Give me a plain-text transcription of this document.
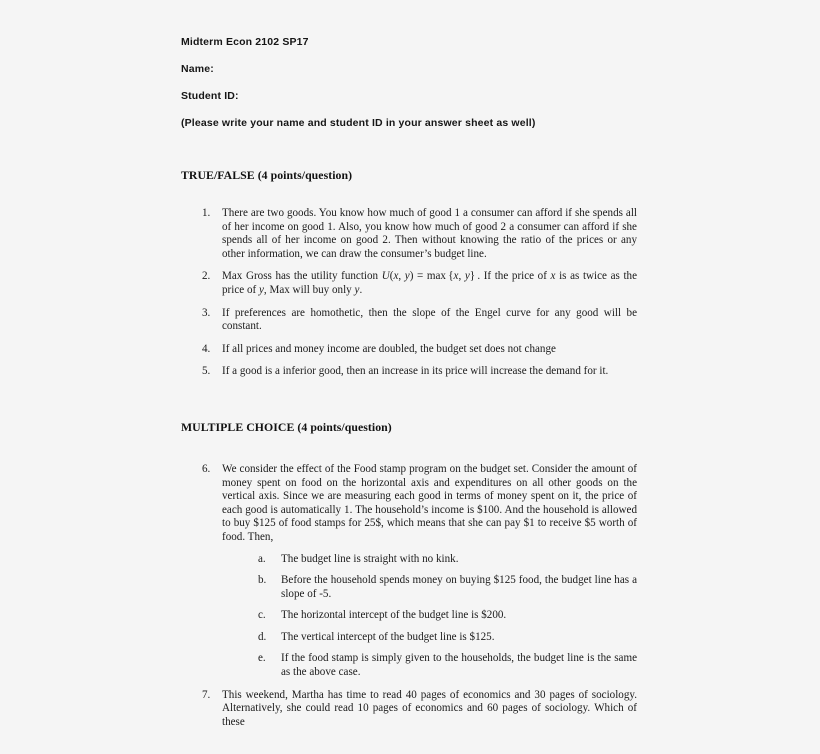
Midterm Econ 2102 SP17
Name:
Student ID:
(Please write your name and student ID in your answer sheet as well)
TRUE/FALSE (4 points/question)
1.	There are two goods. You know how much of good 1 a consumer can afford if she spends all of her income on good 1. Also, you know how much of good 2 a consumer can afford if she spends all of her income on good 2. Then without knowing the ratio of the prices or any other information, we can draw the consumer’s budget line.
2.	Max Gross has the utility function U(x, y) = max {x, y} . If the price of x is as twice as the price of y, Max will buy only y.
3.	If preferences are homothetic, then the slope of the Engel curve for any good will be constant.
4.	If all prices and money income are doubled, the budget set does not change
5.	If a good is a inferior good, then an increase in its price will increase the demand for it.
MULTIPLE CHOICE (4 points/question)
6.	We consider the effect of the Food stamp program on the budget set. Consider the amount of money spent on food on the horizontal axis and expenditures on all other goods on the vertical axis. Since we are measuring each good in terms of money spent on it, the price of each good is automatically 1. The household’s income is $100. And the household is allowed to buy $125 of food stamps for 25$, which means that she can pay $1 to receive $5 worth of food. Then,
a.	The budget line is straight with no kink.
b.	Before the household spends money on buying $125 food, the budget line has a slope of -5.
c.	The horizontal intercept of the budget line is $200.
d.	The vertical intercept of the budget line is $125.
e.	If the food stamp is simply given to the households, the budget line is the same as the above case.
7.	This weekend, Martha has time to read 40 pages of economics and 30 pages of sociology. Alternatively, she could read 10 pages of economics and 60 pages of sociology. Which of these
